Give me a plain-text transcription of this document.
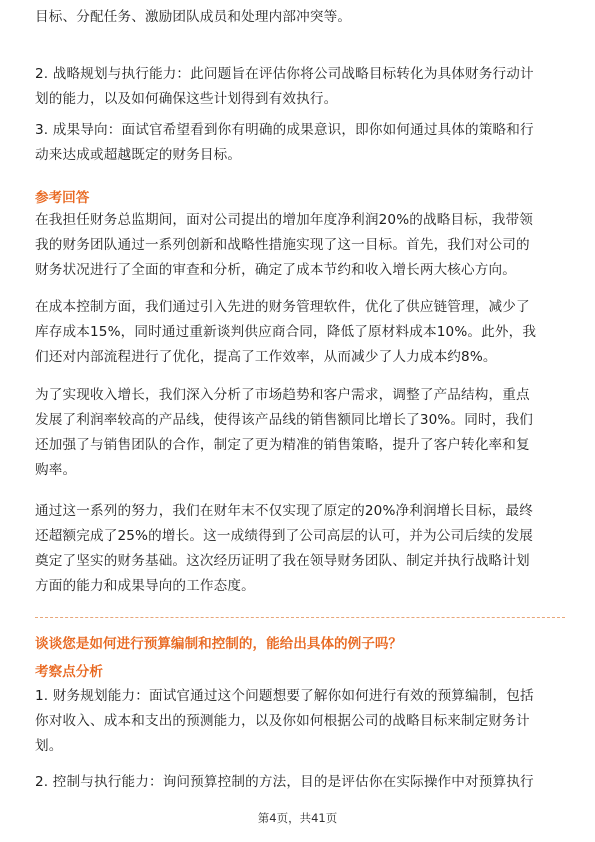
目标、分配任务、激励团队成员和处理内部冲突等。
2. 战略规划与执行能力：此问题旨在评估你将公司战略目标转化为具体财务行动计
划的能力，以及如何确保这些计划得到有效执行。
3. 成果导向：面试官希望看到你有明确的成果意识，即你如何通过具体的策略和行
动来达成或超越既定的财务目标。
参考回答
在我担任财务总监期间，面对公司提出的增加年度净利润20%的战略目标，我带领
我的财务团队通过一系列创新和战略性措施实现了这一目标。首先，我们对公司的
财务状况进行了全面的审查和分析，确定了成本节约和收入增长两大核心方向。
在成本控制方面，我们通过引入先进的财务管理软件，优化了供应链管理，减少了
库存成本15%，同时通过重新谈判供应商合同，降低了原材料成本10%。此外，我
们还对内部流程进行了优化，提高了工作效率，从而减少了人力成本约8%。
为了实现收入增长，我们深入分析了市场趋势和客户需求，调整了产品结构，重点
发展了利润率较高的产品线，使得该产品线的销售额同比增长了30%。同时，我们
还加强了与销售团队的合作，制定了更为精准的销售策略，提升了客户转化率和复
购率。
通过这一系列的努力，我们在财年末不仅实现了原定的20%净利润增长目标，最终
还超额完成了25%的增长。这一成绩得到了公司高层的认可，并为公司后续的发展
奠定了坚实的财务基础。这次经历证明了我在领导财务团队、制定并执行战略计划
方面的能力和成果导向的工作态度。
谈谈您是如何进行预算编制和控制的，能给出具体的例子吗？
考察点分析
1. 财务规划能力：面试官通过这个问题想要了解你如何进行有效的预算编制，包括
你对收入、成本和支出的预测能力，以及你如何根据公司的战略目标来制定财务计
划。
2. 控制与执行能力：询问预算控制的方法，目的是评估你在实际操作中对预算执行
第4页，共41页
